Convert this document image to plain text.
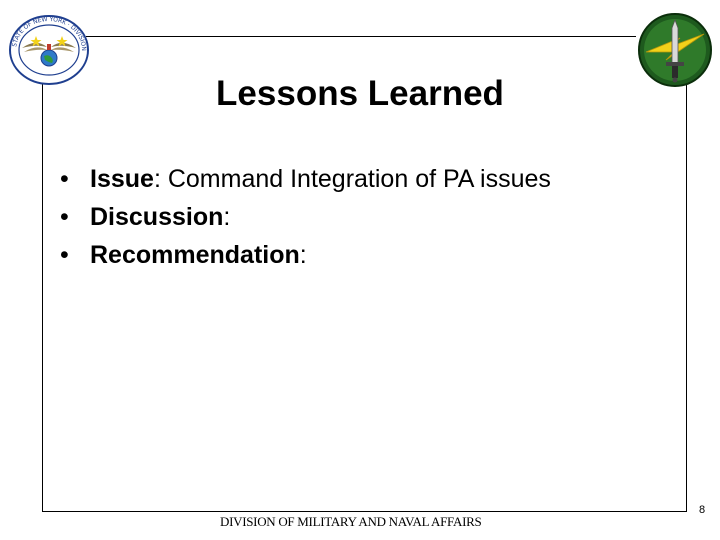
STATE OF NEW YORK · DIVISION
Lessons Learned
• Issue: Command Integration of PA issues
• Discussion:
• Recommendation:
DIVISION OF MILITARY AND NAVAL AFFAIRS
8
